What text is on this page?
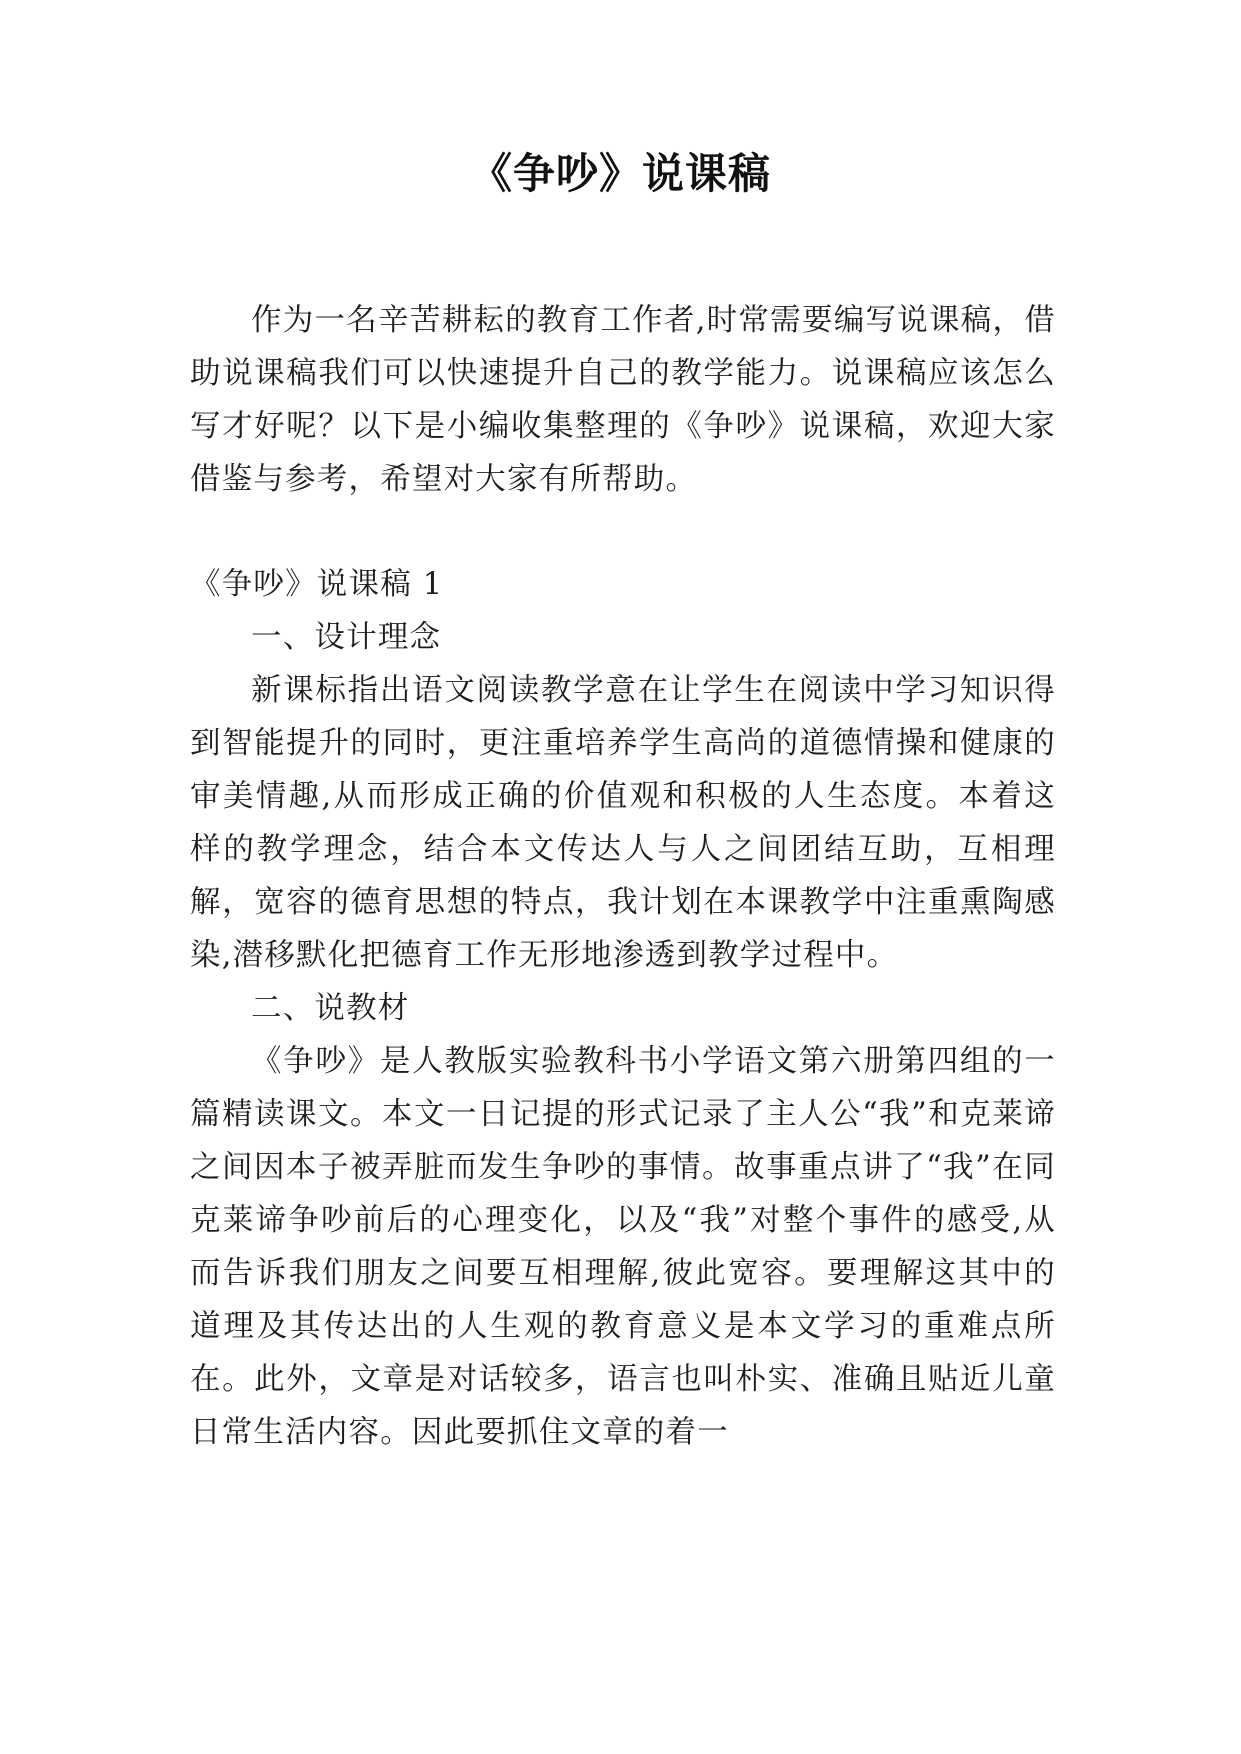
《争吵》说课稿

作为一名辛苦耕耘的教育工作者,时常需要编写说课稿，借助说课稿我们可以快速提升自己的教学能力。说课稿应该怎么写才好呢？以下是小编收集整理的《争吵》说课稿，欢迎大家借鉴与参考，希望对大家有所帮助。

《争吵》说课稿 1

一、设计理念

新课标指出语文阅读教学意在让学生在阅读中学习知识得到智能提升的同时，更注重培养学生高尚的道德情操和健康的审美情趣,从而形成正确的价值观和积极的人生态度。本着这样的教学理念，结合本文传达人与人之间团结互助，互相理解，宽容的德育思想的特点，我计划在本课教学中注重熏陶感染,潜移默化把德育工作无形地渗透到教学过程中。

二、说教材

《争吵》是人教版实验教科书小学语文第六册第四组的一篇精读课文。本文一日记提的形式记录了主人公“我”和克莱谛之间因本子被弄脏而发生争吵的事情。故事重点讲了“我”在同克莱谛争吵前后的心理变化，以及“我”对整个事件的感受,从而告诉我们朋友之间要互相理解,彼此宽容。要理解这其中的道理及其传达出的人生观的教育意义是本文学习的重难点所在。此外，文章是对话较多，语言也叫朴实、准确且贴近儿童日常生活内容。因此要抓住文章的着一
